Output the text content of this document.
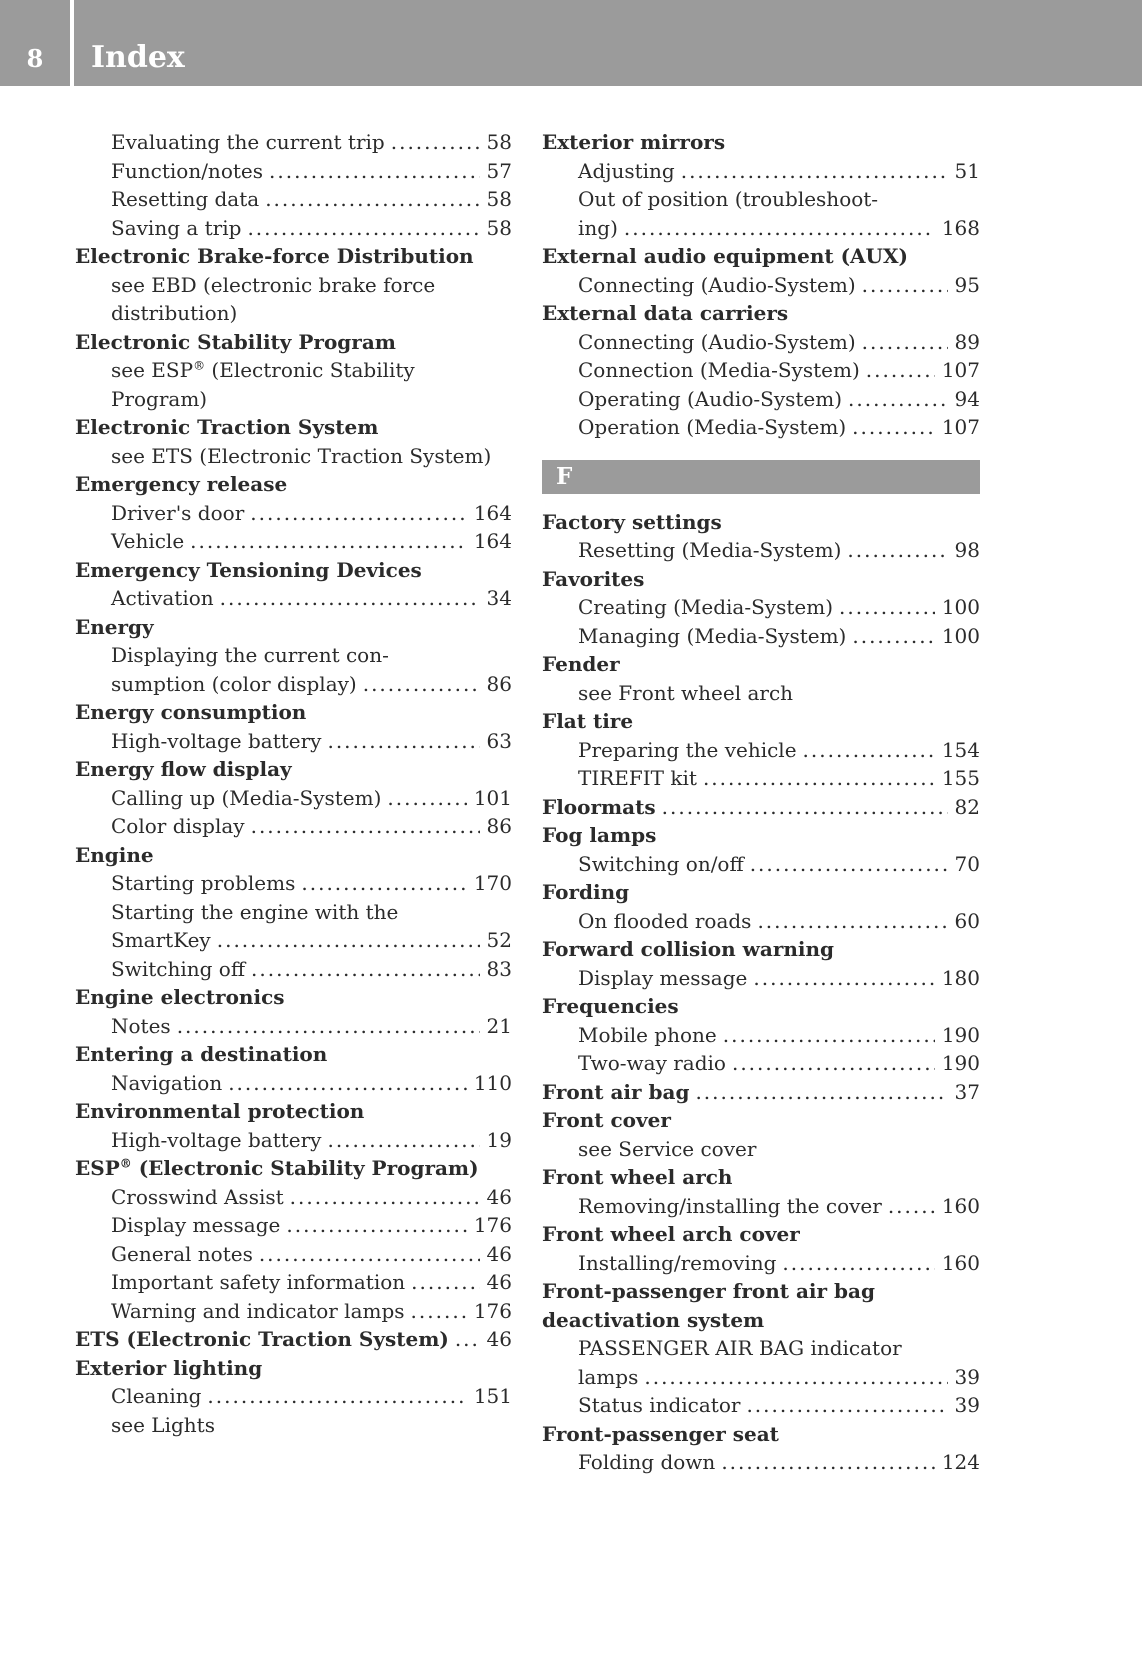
8	Index
Evaluating the current trip .....	58
Function/notes .....	57
Resetting data .....	58
Saving a trip .....	58
Electronic Brake-force Distribution
see EBD (electronic brake force
distribution)
Electronic Stability Program
see ESP® (Electronic Stability
Program)
Electronic Traction System
see ETS (Electronic Traction System)
Emergency release
Driver's door .....	164
Vehicle .....	164
Emergency Tensioning Devices
Activation .....	34
Energy
Displaying the current con-
sumption (color display) .....	86
Energy consumption
High-voltage battery .....	63
Energy flow display
Calling up (Media-System) .....	101
Color display .....	86
Engine
Starting problems .....	170
Starting the engine with the
SmartKey .....	52
Switching off .....	83
Engine electronics
Notes .....	21
Entering a destination
Navigation .....	110
Environmental protection
High-voltage battery .....	19
ESP® (Electronic Stability Program)
Crosswind Assist .....	46
Display message .....	176
General notes .....	46
Important safety information .....	46
Warning and indicator lamps .....	176
ETS (Electronic Traction System) .....	46
Exterior lighting
Cleaning .....	151
see Lights
Exterior mirrors
Adjusting .....	51
Out of position (troubleshoot-
ing) .....	168
External audio equipment (AUX)
Connecting (Audio-System) .....	95
External data carriers
Connecting (Audio-System) .....	89
Connection (Media-System) .....	107
Operating (Audio-System) .....	94
Operation (Media-System) .....	107
F
Factory settings
Resetting (Media-System) .....	98
Favorites
Creating (Media-System) .....	100
Managing (Media-System) .....	100
Fender
see Front wheel arch
Flat tire
Preparing the vehicle .....	154
TIREFIT kit .....	155
Floormats .....	82
Fog lamps
Switching on/off .....	70
Fording
On flooded roads .....	60
Forward collision warning
Display message .....	180
Frequencies
Mobile phone .....	190
Two-way radio .....	190
Front air bag .....	37
Front cover
see Service cover
Front wheel arch
Removing/installing the cover .....	160
Front wheel arch cover
Installing/removing .....	160
Front-passenger front air bag
deactivation system
PASSENGER AIR BAG indicator
lamps .....	39
Status indicator .....	39
Front-passenger seat
Folding down .....	124
